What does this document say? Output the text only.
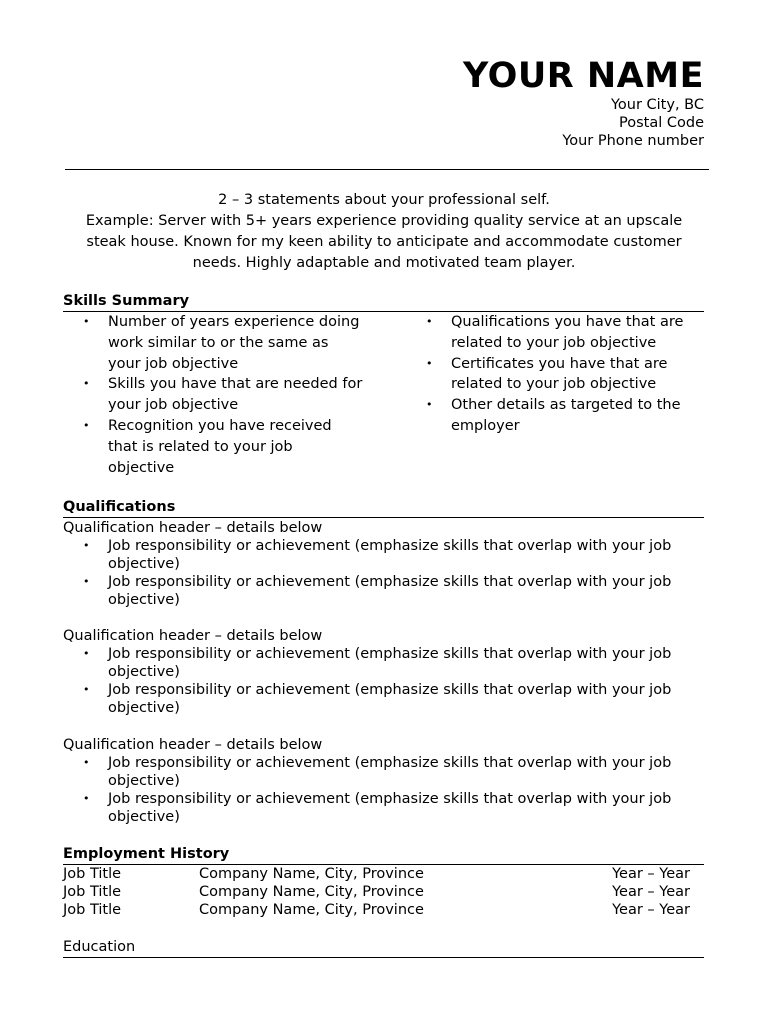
YOUR NAME
Your City, BC
Postal Code
Your Phone number
2 – 3 statements about your professional self.
Example: Server with 5+ years experience providing quality service at an upscale
steak house. Known for my keen ability to anticipate and accommodate customer
needs. Highly adaptable and motivated team player.
Skills Summary
• Number of years experience doing work similar to or the same as your job objective
• Skills you have that are needed for your job objective
• Recognition you have received that is related to your job objective
• Qualifications you have that are related to your job objective
• Certificates you have that are related to your job objective
• Other details as targeted to the employer
Qualifications
Qualification header – details below
• Job responsibility or achievement (emphasize skills that overlap with your job objective)
• Job responsibility or achievement (emphasize skills that overlap with your job objective)
Qualification header – details below
• Job responsibility or achievement (emphasize skills that overlap with your job objective)
• Job responsibility or achievement (emphasize skills that overlap with your job objective)
Qualification header – details below
• Job responsibility or achievement (emphasize skills that overlap with your job objective)
• Job responsibility or achievement (emphasize skills that overlap with your job objective)
Employment History
Job Title	Company Name, City, Province	Year – Year
Job Title	Company Name, City, Province	Year – Year
Job Title	Company Name, City, Province	Year – Year
Education
